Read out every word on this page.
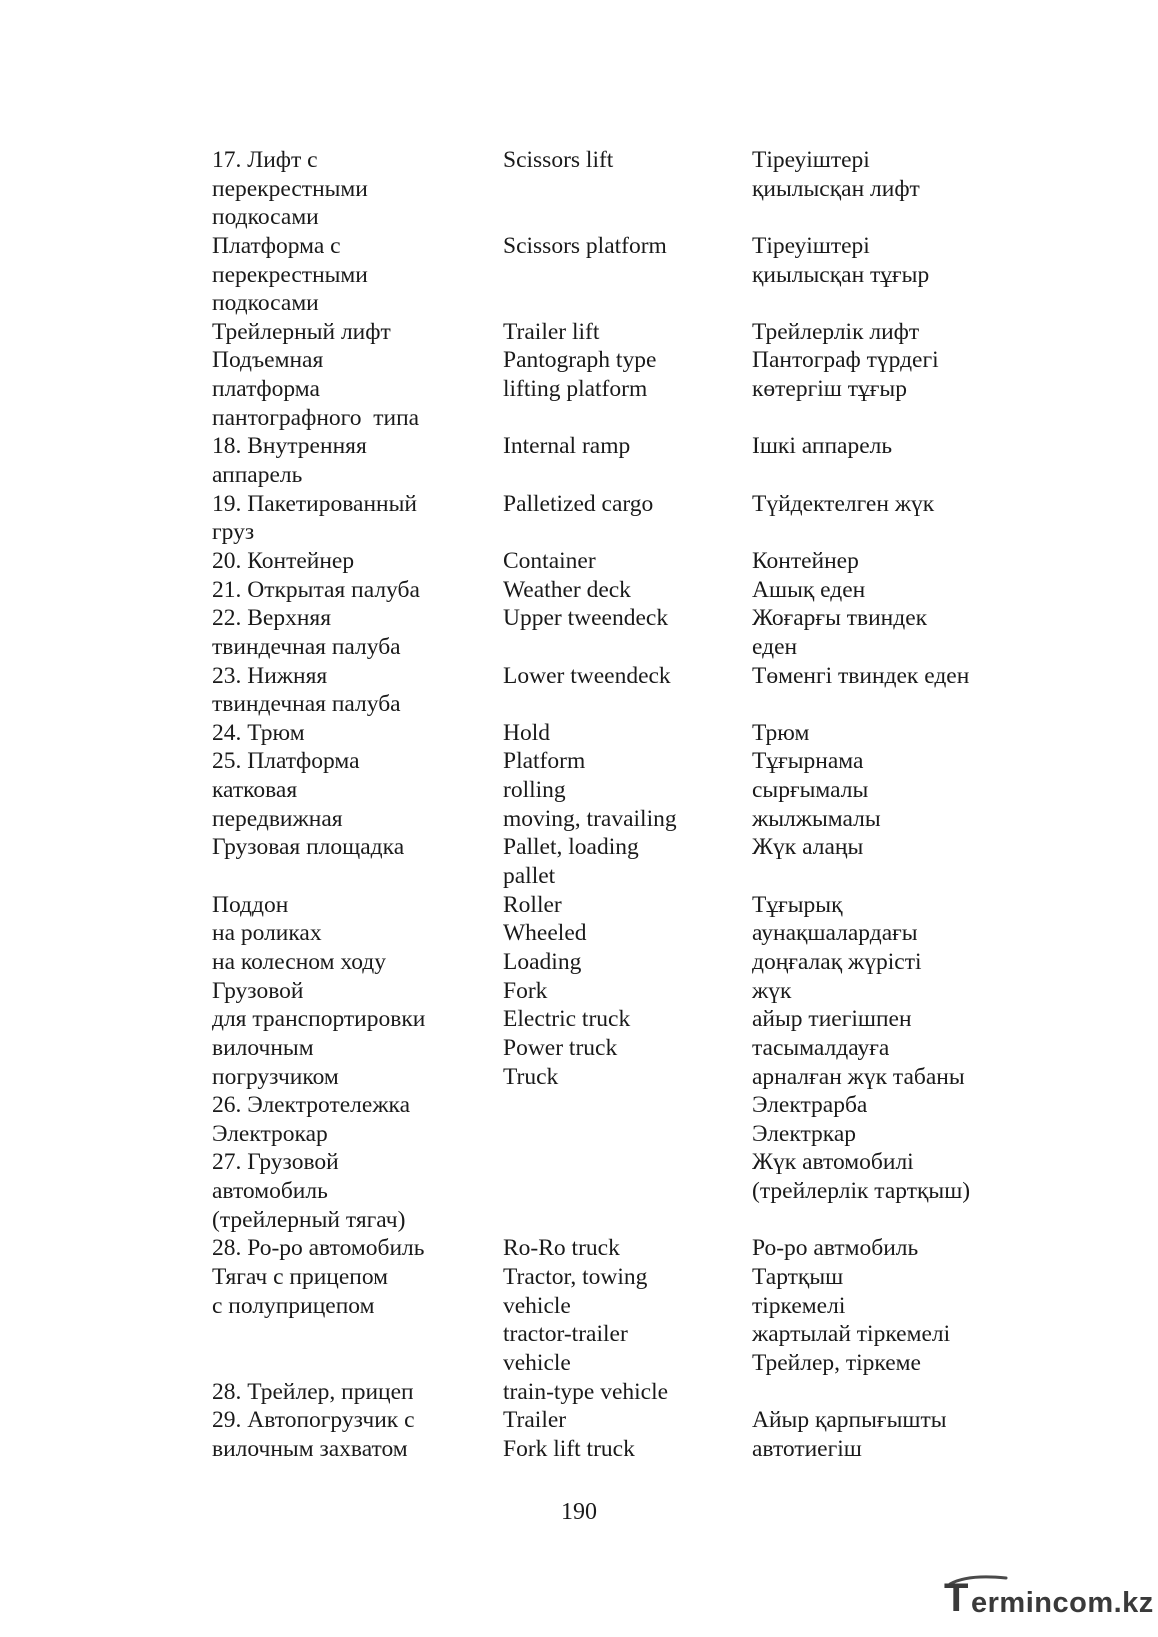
17. Лифт с
перекрестными
подкосами
Платформа с
перекрестными
подкосами
Трейлерный лифт
Подъемная
платформа
пантографного  типа
18. Внутренняя
аппарель
19. Пакетированный
груз
20. Контейнер
21. Открытая палуба
22. Верхняя
твиндечная палуба
23. Нижняя
твиндечная палуба
24. Трюм
25. Платформа
катковая
передвижная
Грузовая площадка
Поддон
на роликах
на колесном ходу
Грузовой
для транспортировки
вилочным
погрузчиком
26. Электротележка
Электрокар
27. Грузовой
автомобиль
(трейлерный тягач)
28. Ро-ро автомобиль
Тягач с прицепом
с полуприцепом
28. Трейлер, прицеп
29. Автопогрузчик с
вилочным захватом
Scissors lift
Scissors platform
Trailer lift
Pantograph type
lifting platform
Internal ramp
Palletized cargo
Container
Weather deck
Upper tweendeck
Lower tweendeck
Hold
Platform
rolling
moving, travailing
Pallet, loading
pallet
Roller
Wheeled
Loading
Fork
Electric truck
Power truck
Truck
Ro-Ro truck
Tractor, towing
vehicle
tractor-trailer
vehicle
train-type vehicle
Trailer
Fork lift truck
Тіреуіштері
қиылысқан лифт
Тіреуіштері
қиылысқан тұғыр
Трейлерлік лифт
Пантограф түрдегі
көтергіш тұғыр
Ішкі аппарель
Түйдектелген жүк
Контейнер
Ашық еден
Жоғарғы твиндек
еден
Төменгі твиндек еден
Трюм
Тұғырнама
сырғымалы
жылжымалы
Жүк алаңы
Тұғырық
аунақшалардағы
доңғалақ жүрісті
жүк
айыр тиегішпен
тасымалдауға
арналған жүк табаны
Электрарба
Электркар
Жүк автомобилі
(трейлерлік тартқыш)
Ро-ро автмобиль
Тартқыш
тіркемелі
жартылай тіркемелі
Трейлер, тіркеме
Айыр қарпығышты
автотиегіш
190
T ermincom.kz
